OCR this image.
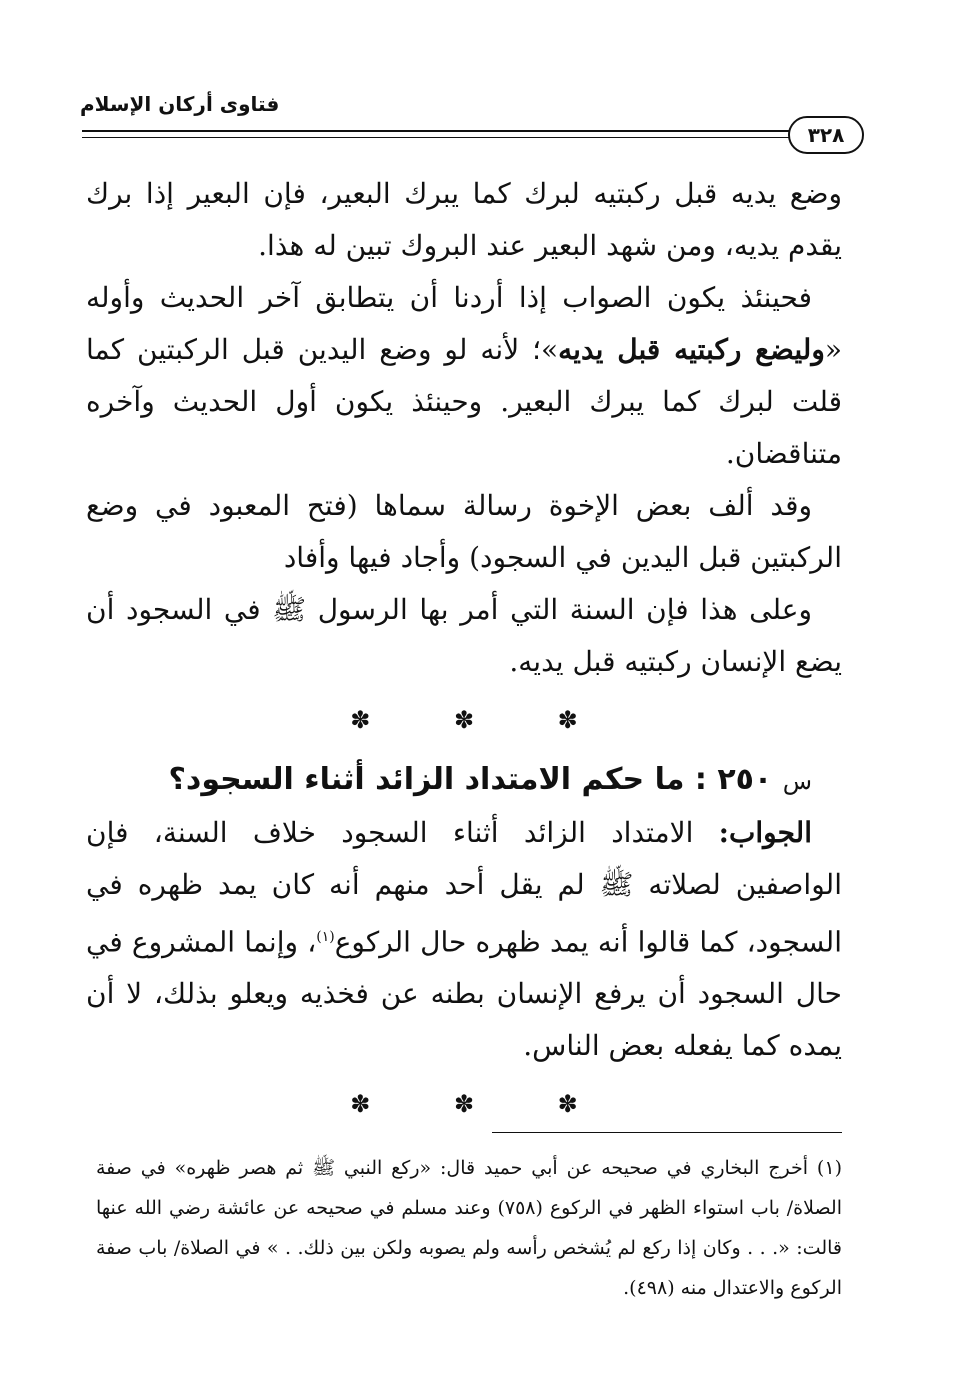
فتاوى أركان الإسلام
٣٢٨

وضع يديه قبل ركبتيه لبرك كما يبرك البعير، فإن البعير إذا برك يقدم يديه، ومن شهد البعير عند البروك تبين له هذا.

فحينئذ يكون الصواب إذا أردنا أن يتطابق آخر الحديث وأوله «وليضع ركبتيه قبل يديه»؛ لأنه لو وضع اليدين قبل الركبتين كما قلت لبرك كما يبرك البعير. وحينئذ يكون أول الحديث وآخره متناقضان.

وقد ألف بعض الإخوة رسالة سماها (فتح المعبود في وضع الركبتين قبل اليدين في السجود) وأجاد فيها وأفاد

وعلى هذا فإن السنة التي أمر بها الرسول ﷺ في السجود أن يضع الإنسان ركبتيه قبل يديه.

✽ ✽ ✽

س ٢٥٠ : ما حكم الامتداد الزائد أثناء السجود؟

الجواب: الامتداد الزائد أثناء السجود خلاف السنة، فإن الواصفين لصلاته ﷺ لم يقل أحد منهم أنه كان يمد ظهره في السجود، كما قالوا أنه يمد ظهره حال الركوع$^{(١)}$، وإنما المشروع في حال السجود أن يرفع الإنسان بطنه عن فخذيه ويعلو بذلك، لا أن يمده كما يفعله بعض الناس.

✽ ✽ ✽

(١) أخرج البخاري في صحيحه عن أبي حميد قال: «ركع النبي ﷺ ثم هصر ظهره» في صفة الصلاة/ باب استواء الظهر في الركوع (٧٥٨) وعند مسلم في صحيحه عن عائشة رضي الله عنها قالت: «. . . وكان إذا ركع لم يُشخص رأسه ولم يصوبه ولكن بين ذلك. . » في الصلاة/ باب صفة الركوع والاعتدال منه (٤٩٨).
